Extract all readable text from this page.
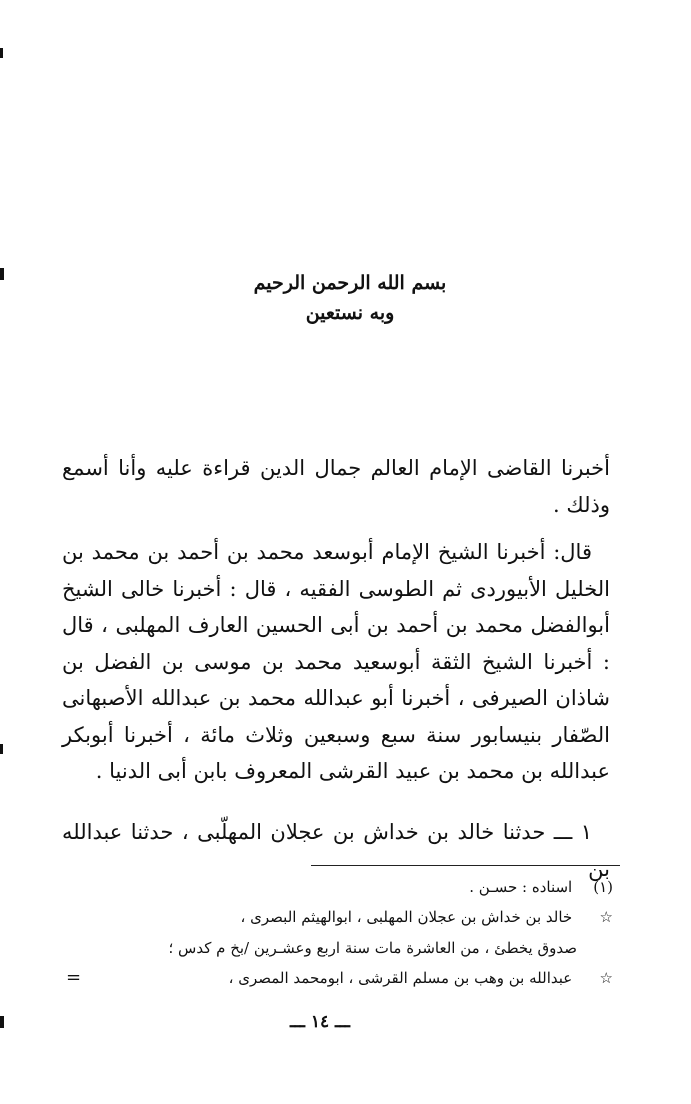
بسم الله الرحمن الرحيم
وبه نستعين

أخبرنا القاضى الإمام العالم جمال الدين قراءة عليه وأنا أسمع وذلك .

قال: أخبرنا الشيخ الإمام أبوسعد محمد بن أحمد بن محمد بن الخليل الأبيوردى ثم الطوسى الفقيه ، قال : أخبرنا خالى الشيخ أبوالفضل محمد بن أحمد بن أبى الحسين العارف المهلبى ، قال : أخبرنا الشيخ الثقة أبوسعيد محمد بن موسى بن الفضل بن شاذان الصيرفى ، أخبرنا أبو عبدالله محمد بن عبدالله الأصبهانى الصّفار بنيسابور سنة سبع وسبعين وثلاث مائة ، أخبرنا أبوبكر عبدالله بن محمد بن عبيد القرشى المعروف بابن أبى الدنيا .

١ ـــ حدثنا خالد بن خداش بن عجلان المهلّبى ، حدثنا عبدالله بن

(١) اسناده : حسـن .
☆ خالد بن خداش بن عجلان المهلبى ، ابوالهيثم البصرى ،
صدوق يخطئ ، من العاشرة مات سنة اربع وعشـرين /بخ م كدس ؛
☆ عبدالله بن وهب بن مسلم القرشى ، ابومحمد المصرى ،
=
ـــ ١٤ ـــ
